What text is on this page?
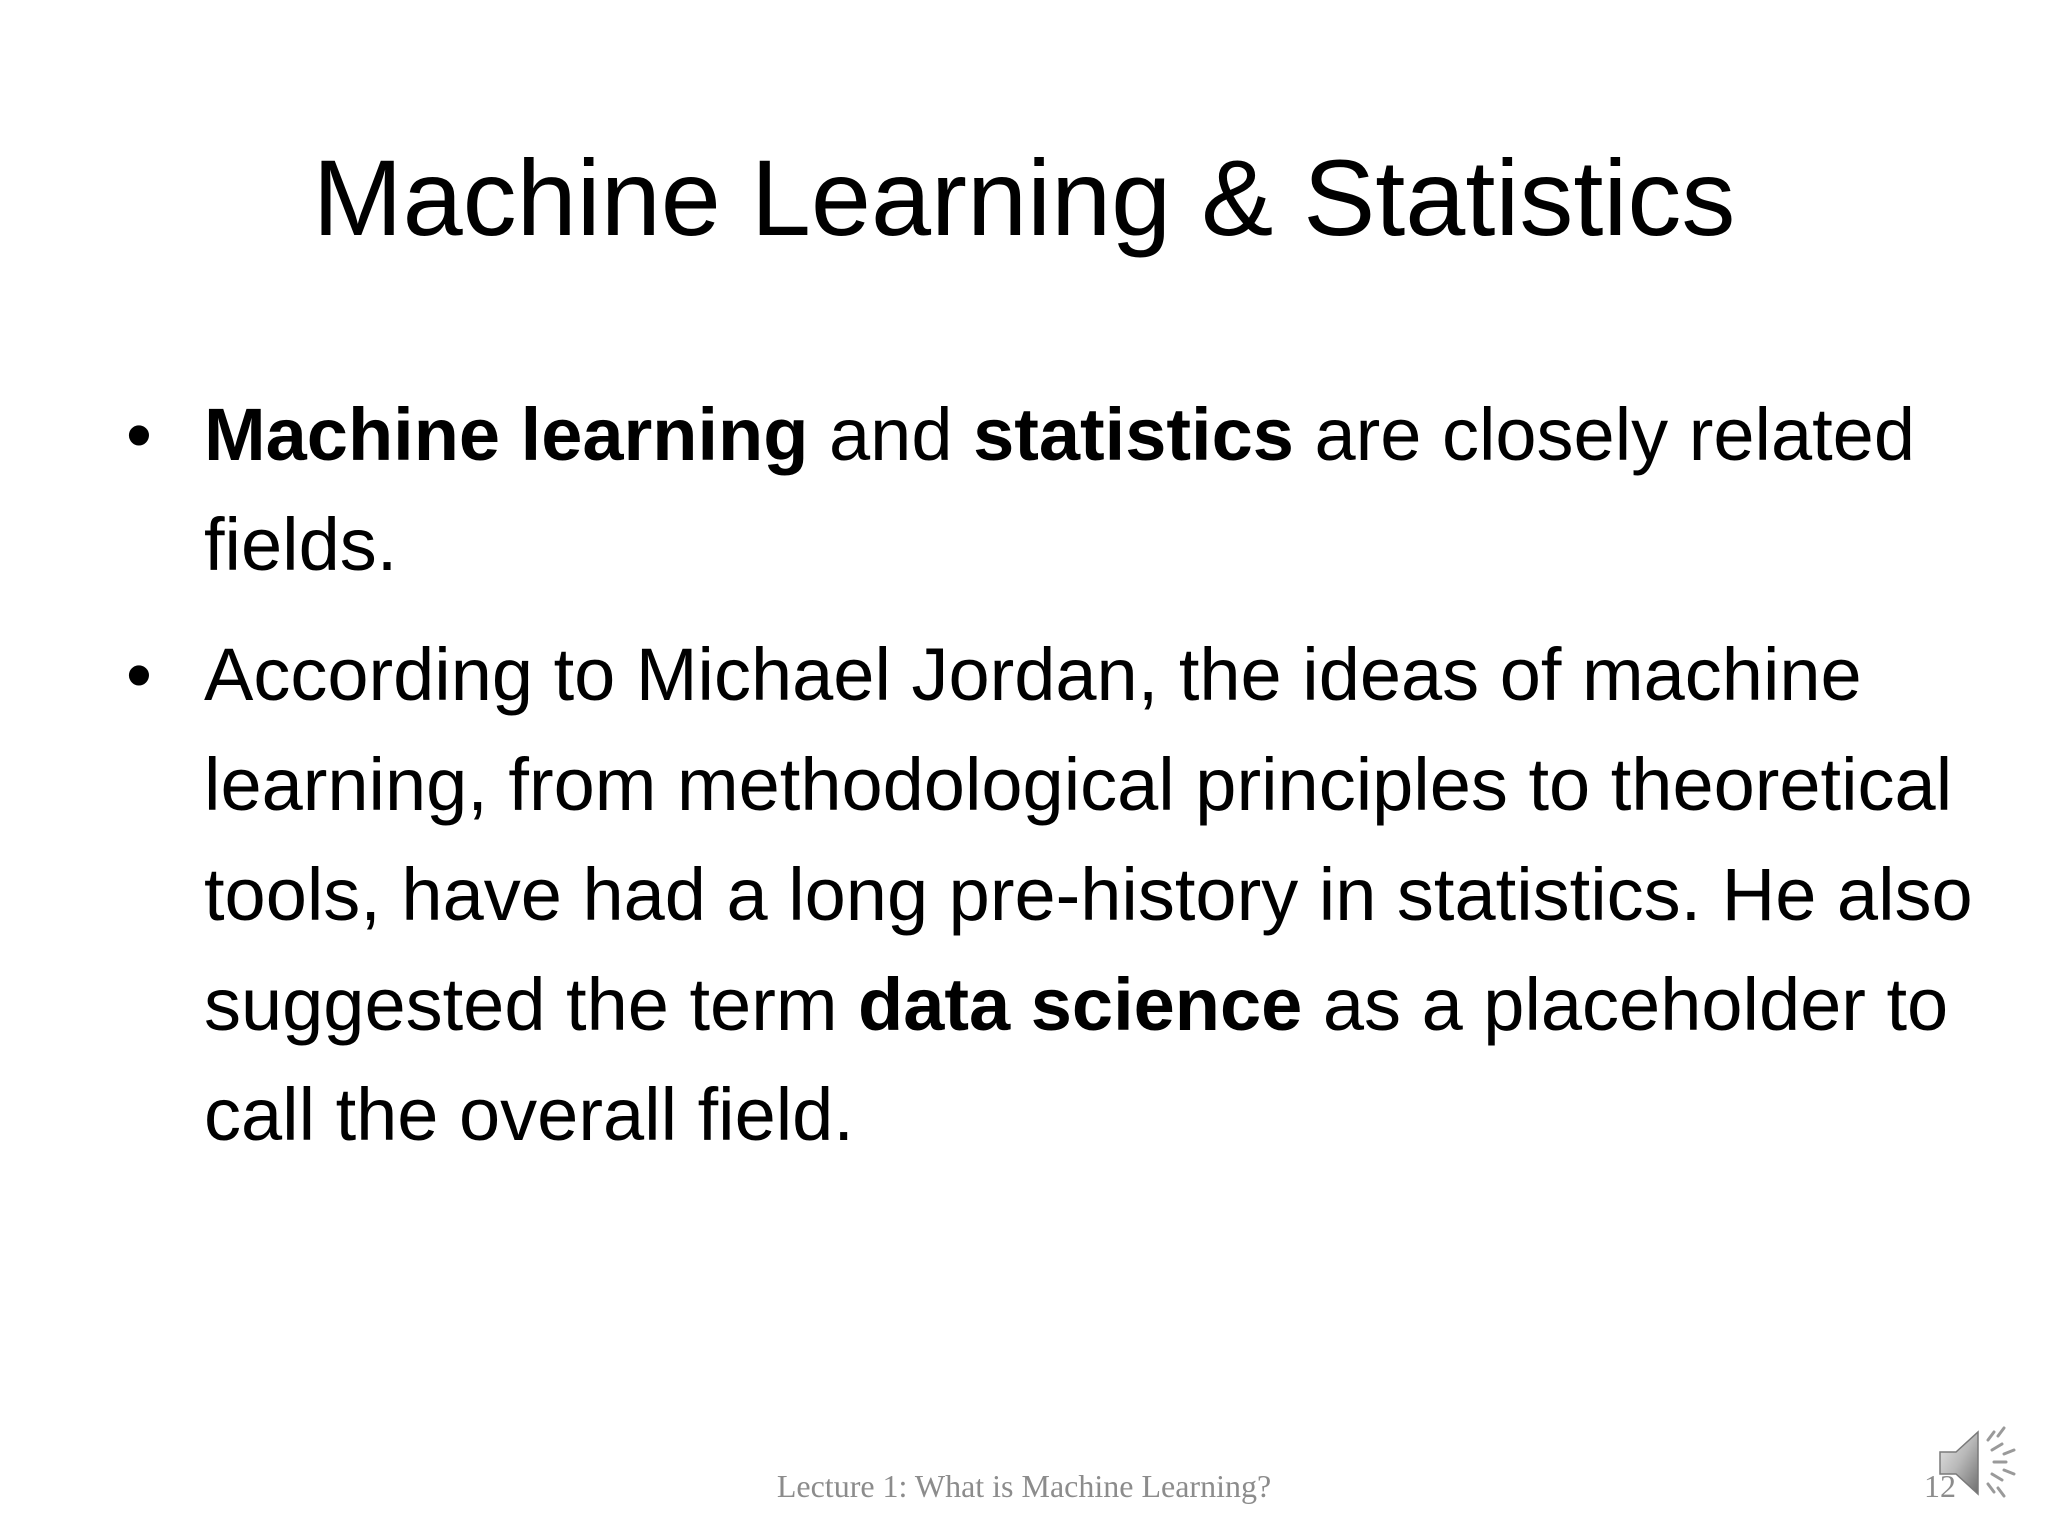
Machine Learning & Statistics
• Machine learning and statistics are closely related fields.
• According to Michael Jordan, the ideas of machine learning, from methodological principles to theoretical tools, have had a long pre-history in statistics. He also suggested the term data science as a placeholder to call the overall field.
Lecture 1: What is Machine Learning?	12
